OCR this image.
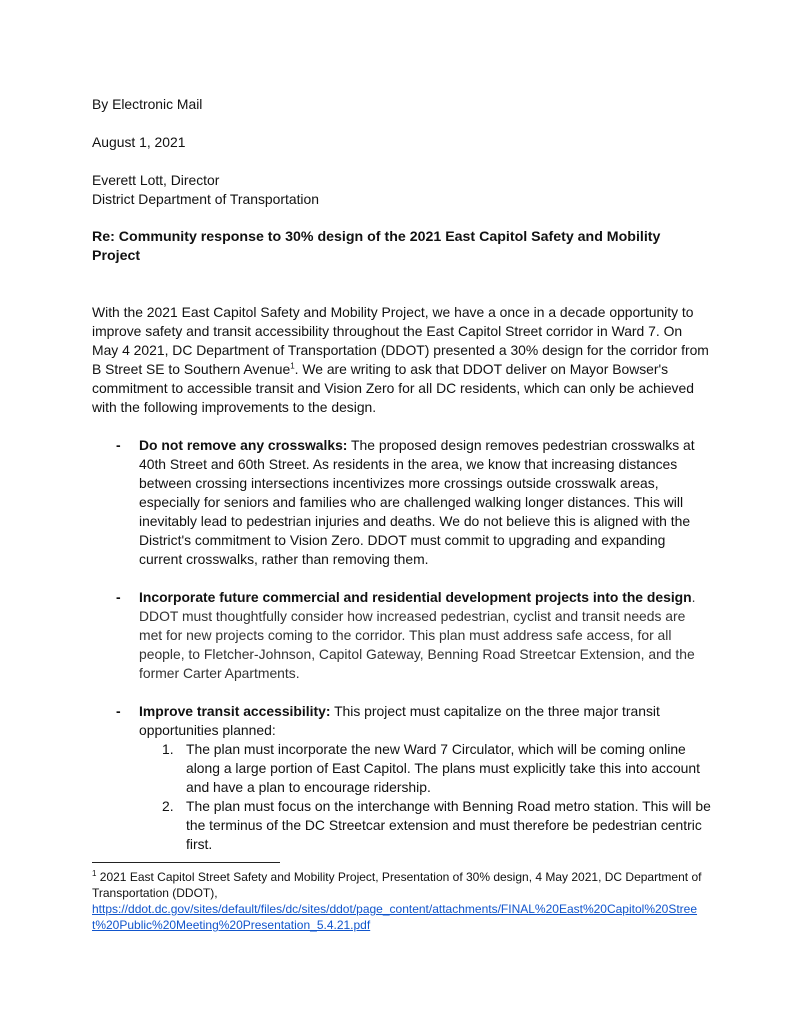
By Electronic Mail

August 1, 2021

Everett Lott, Director

District Department of Transportation

Re: Community response to 30% design of the 2021 East Capitol Safety and Mobility Project

With the 2021 East Capitol Safety and Mobility Project, we have a once in a decade opportunity to improve safety and transit accessibility throughout the East Capitol Street corridor in Ward 7. On May 4 2021, DC Department of Transportation (DDOT) presented a 30% design for the corridor from B Street SE to Southern Avenue$^1$. We are writing to ask that DDOT deliver on Mayor Bowser's commitment to accessible transit and Vision Zero for all DC residents, which can only be achieved with the following improvements to the design.

- Do not remove any crosswalks: The proposed design removes pedestrian crosswalks at 40th Street and 60th Street. As residents in the area, we know that increasing distances between crossing intersections incentivizes more crossings outside crosswalk areas, especially for seniors and families who are challenged walking longer distances. This will inevitably lead to pedestrian injuries and deaths. We do not believe this is aligned with the District's commitment to Vision Zero. DDOT must commit to upgrading and expanding current crosswalks, rather than removing them.
- Incorporate future commercial and residential development projects into the design. DDOT must thoughtfully consider how increased pedestrian, cyclist and transit needs are met for new projects coming to the corridor. This plan must address safe access, for all people, to Fletcher-Johnson, Capitol Gateway, Benning Road Streetcar Extension, and the former Carter Apartments.
- Improve transit accessibility: This project must capitalize on the three major transit opportunities planned:
1. The plan must incorporate the new Ward 7 Circulator, which will be coming online along a large portion of East Capitol. The plans must explicitly take this into account and have a plan to encourage ridership.
2. The plan must focus on the interchange with Benning Road metro station. This will be the terminus of the DC Streetcar extension and must therefore be pedestrian centric first.
$^1$ 2021 East Capitol Street Safety and Mobility Project, Presentation of 30% design, 4 May 2021, DC Department of Transportation (DDOT),
https://ddot.dc.gov/sites/default/files/dc/sites/ddot/page_content/attachments/FINAL%20East%20Capitol%20Street%20Public%20Meeting%20Presentation_5.4.21.pdf
